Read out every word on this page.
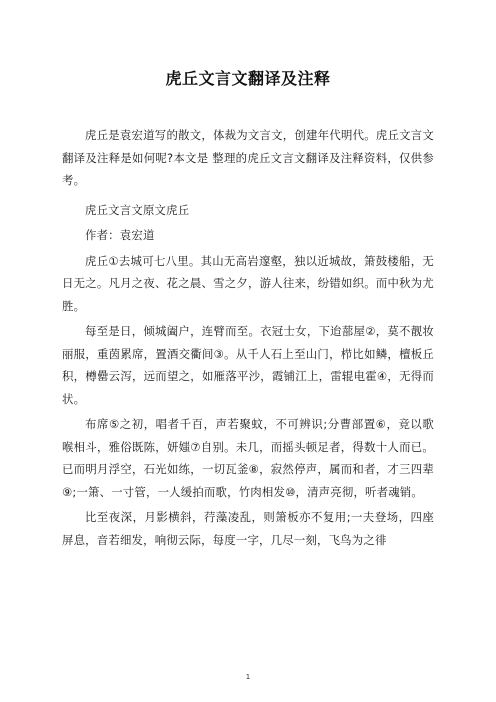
虎丘文言文翻译及注释

虎丘是袁宏道写的散文，体裁为文言文，创建年代明代。虎丘文言文翻译及注释是如何呢?本文是 整理的虎丘文言文翻译及注释资料，仅供参考。

虎丘文言文原文虎丘

作者：袁宏道

虎丘①去城可七八里。其山无高岩邃壑，独以近城故，箫鼓楼船，无日无之。凡月之夜、花之晨、雪之夕，游人往来，纷错如织。而中秋为尤胜。

每至是日，倾城阖户，连臂而至。衣冠士女，下迨蔀屋②，莫不靓妆丽服，重茵累席，置酒交衢间③。从千人石上至山门，栉比如鳞，檀板丘积，樽罍云泻，远而望之，如雁落平沙，霞铺江上，雷辊电霍④，无得而状。

布席⑤之初，唱者千百，声若聚蚊，不可辨识;分曹部置⑥，竞以歌喉相斗，雅俗既陈，妍媸⑦自别。未几，而摇头顿足者，得数十人而已。已而明月浮空，石光如练，一切瓦釜⑧，寂然停声，属而和者，才三四辈⑨;一箫、一寸管，一人缓拍而歌，竹肉相发⑩，清声亮彻，听者魂销。

比至夜深，月影横斜，荇藻凌乱，则箫板亦不复用;一夫登场，四座屏息，音若细发，响彻云际，每度一字，几尽一刻，飞鸟为之徘

1
